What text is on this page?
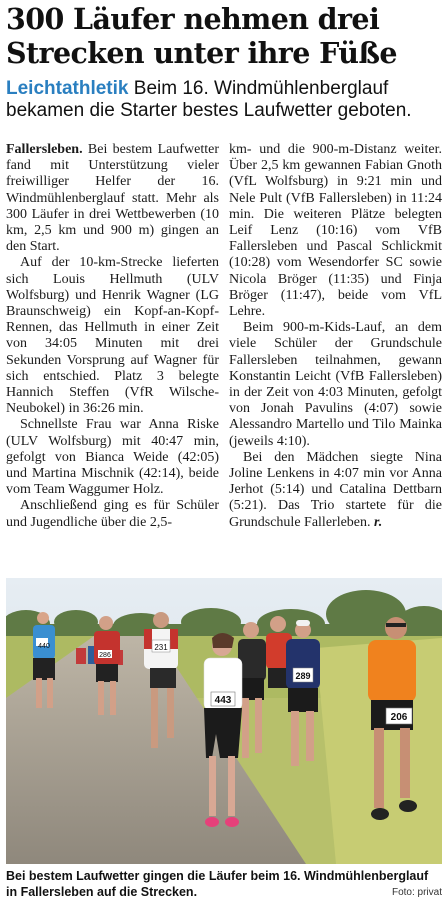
300 Läufer nehmen drei
Strecken unter ihre Füße
Leichtathletik Beim 16. Windmühlenberglauf
bekamen die Starter bestes Laufwetter geboten.

Fallersleben. Bei bestem Laufwetter fand mit Unterstützung vieler freiwilliger Helfer der 16. Windmühlenberglauf statt. Mehr als 300 Läufer in drei Wettbewerben (10 km, 2,5 km und 900 m) gingen an den Start.

Auf der 10-km-Strecke lieferten sich Louis Hellmuth (ULV Wolfsburg) und Henrik Wagner (LG Braunschweig) ein Kopf-an-Kopf-Rennen, das Hellmuth in einer Zeit von 34:05 Minuten mit drei Sekunden Vorsprung auf Wagner für sich entschied. Platz 3 belegte Hannich Steffen (VfR Wilsche-Neubokel) in 36:26 min.

Schnellste Frau war Anna Riske (ULV Wolfsburg) mit 40:47 min, gefolgt von Bianca Weide (42:05) und Martina Mischnik (42:14), beide vom Team Waggumer Holz.

Anschließend ging es für Schüler und Jugendliche über die 2,5-

km- und die 900-m-Distanz weiter. Über 2,5 km gewannen Fabian Gnoth (VfL Wolfsburg) in 9:21 min und Nele Pult (VfB Fallersleben) in 11:24 min. Die weiteren Plätze belegten Leif Lenz (10:16) vom VfB Fallersleben und Pascal Schlickmit (10:28) vom Wesendorfer SC sowie Nicola Bröger (11:35) und Finja Bröger (11:47), beide vom VfL Lehre.

Beim 900-m-Kids-Lauf, an dem viele Schüler der Grundschule Fallersleben teilnahmen, gewann Konstantin Leicht (VfB Fallersleben) in der Zeit von 4:03 Minuten, gefolgt von Jonah Pavulins (4:07) sowie Alessandro Martello und Tilo Mainka (jeweils 4:10).

Bei den Mädchen siegte Nina Joline Lenkens in 4:07 min vor Anna Jerhot (5:14) und Catalina Dettbarn (5:21). Das Trio startete für die Grundschule Fallerleben. r.

231
289
443
206
440
286
Bei bestem Laufwetter gingen die Läufer beim 16. Windmühlenberglauf in Fallersleben auf die Strecken.	Foto: privat
